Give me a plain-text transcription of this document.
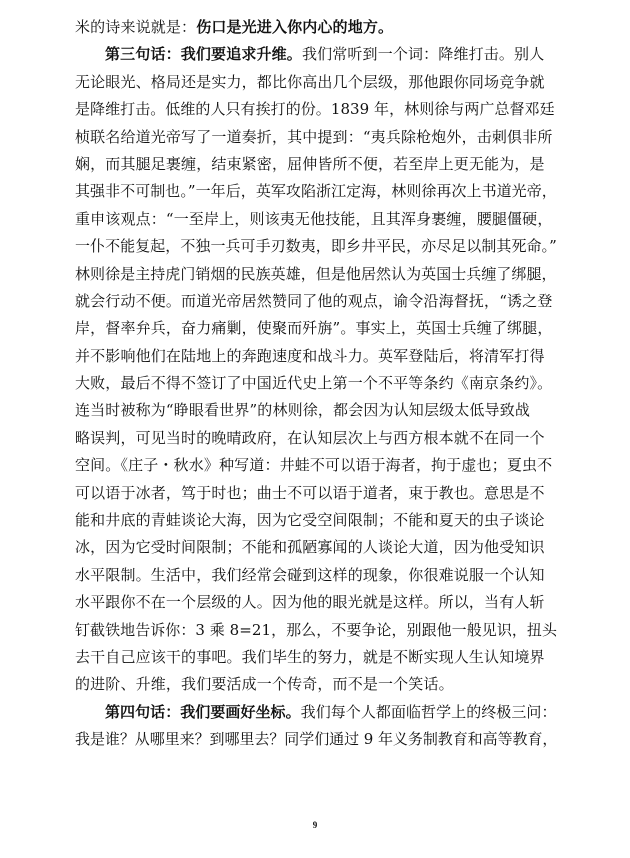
米的诗来说就是：伤口是光进入你内心的地方。
第三句话：我们要追求升维。我们常听到一个词：降维打击。别人
无论眼光、格局还是实力，都比你高出几个层级，那他跟你同场竞争就
是降维打击。低维的人只有挨打的份。1839 年，林则徐与两广总督邓廷
桢联名给道光帝写了一道奏折，其中提到：“夷兵除枪炮外，击刺俱非所
娴，而其腿足裹缠，结束紧密，屈伸皆所不便，若至岸上更无能为，是
其强非不可制也。”一年后，英军攻陷浙江定海，林则徐再次上书道光帝，
重申该观点：“一至岸上，则该夷无他技能，且其浑身裹缠，腰腿僵硬，
一仆不能复起，不独一兵可手刃数夷，即乡井平民，亦尽足以制其死命。”
林则徐是主持虎门销烟的民族英雄，但是他居然认为英国士兵缠了绑腿，
就会行动不便。而道光帝居然赞同了他的观点，谕令沿海督抚，“诱之登
岸，督率弁兵，奋力痛剿，使聚而歼旃”。事实上，英国士兵缠了绑腿，
并不影响他们在陆地上的奔跑速度和战斗力。英军登陆后，将清军打得
大败，最后不得不签订了中国近代史上第一个不平等条约《南京条约》。
连当时被称为“睁眼看世界”的林则徐，都会因为认知层级太低导致战
略误判，可见当时的晚晴政府，在认知层次上与西方根本就不在同一个
空间。《庄子・秋水》种写道：井蛙不可以语于海者，拘于虚也；夏虫不
可以语于冰者，笃于时也；曲士不可以语于道者，束于教也。意思是不
能和井底的青蛙谈论大海，因为它受空间限制；不能和夏天的虫子谈论
冰，因为它受时间限制；不能和孤陋寡闻的人谈论大道，因为他受知识
水平限制。生活中，我们经常会碰到这样的现象，你很难说服一个认知
水平跟你不在一个层级的人。因为他的眼光就是这样。所以，当有人斩
钉截铁地告诉你：3 乘 8=21，那么，不要争论，别跟他一般见识，扭头
去干自己应该干的事吧。我们毕生的努力，就是不断实现人生认知境界
的进阶、升维，我们要活成一个传奇，而不是一个笑话。
第四句话：我们要画好坐标。我们每个人都面临哲学上的终极三问：
我是谁？从哪里来？到哪里去？同学们通过 9 年义务制教育和高等教育，
9
